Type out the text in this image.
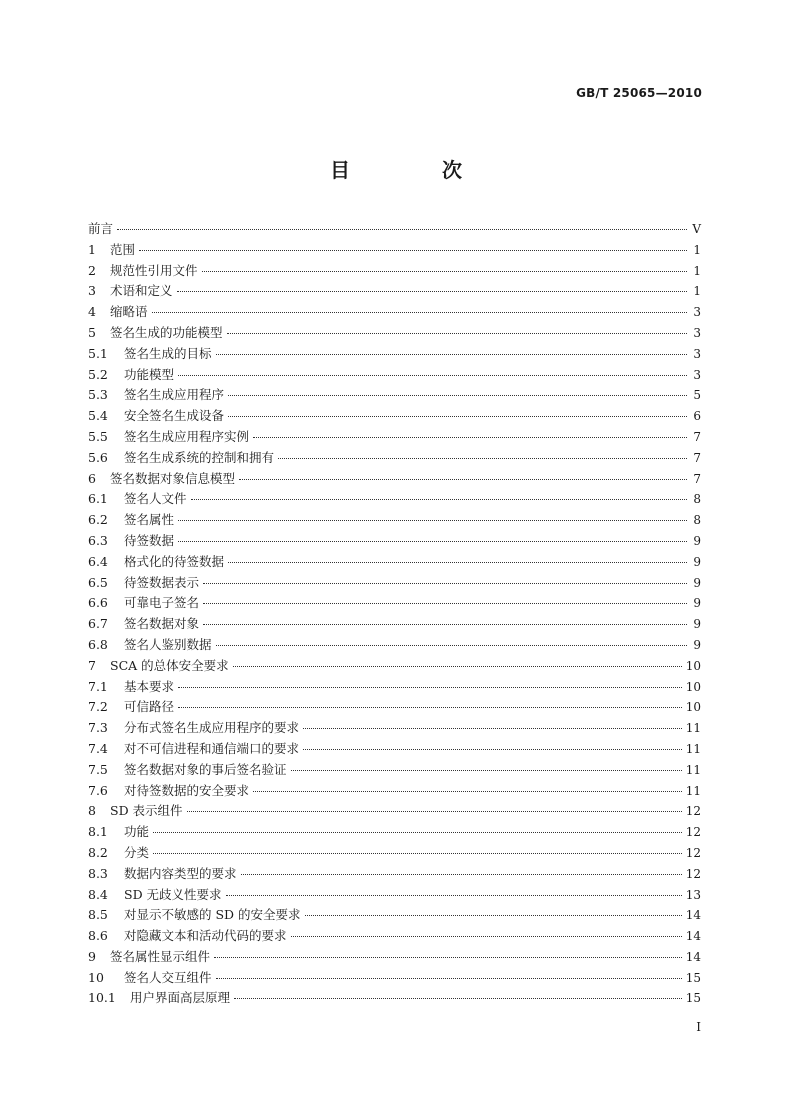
GB/T 25065—2010
目　次
前言	Ⅴ
1	范围	1
2	规范性引用文件	1
3	术语和定义	1
4	缩略语	3
5	签名生成的功能模型	3
5.1	签名生成的目标	3
5.2	功能模型	3
5.3	签名生成应用程序	5
5.4	安全签名生成设备	6
5.5	签名生成应用程序实例	7
5.6	签名生成系统的控制和拥有	7
6	签名数据对象信息模型	7
6.1	签名人文件	8
6.2	签名属性	8
6.3	待签数据	9
6.4	格式化的待签数据	9
6.5	待签数据表示	9
6.6	可靠电子签名	9
6.7	签名数据对象	9
6.8	签名人鉴别数据	9
7	SCA 的总体安全要求	10
7.1	基本要求	10
7.2	可信路径	10
7.3	分布式签名生成应用程序的要求	11
7.4	对不可信进程和通信端口的要求	11
7.5	签名数据对象的事后签名验证	11
7.6	对待签数据的安全要求	11
8	SD 表示组件	12
8.1	功能	12
8.2	分类	12
8.3	数据内容类型的要求	12
8.4	SD 无歧义性要求	13
8.5	对显示不敏感的 SD 的安全要求	14
8.6	对隐藏文本和活动代码的要求	14
9	签名属性显示组件	14
10	签名人交互组件	15
10.1	用户界面高层原理	15
Ⅰ
